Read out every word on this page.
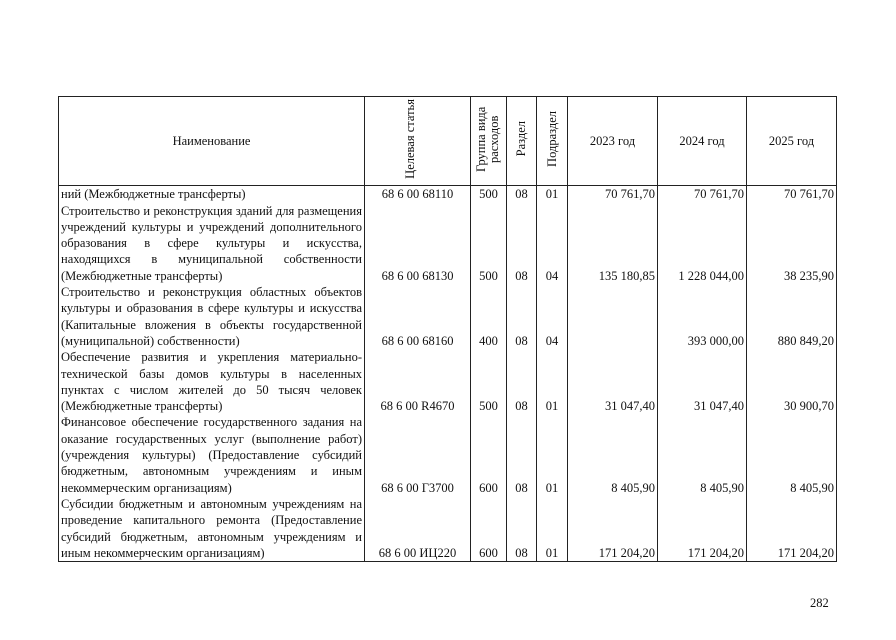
Наименование	Целевая статья	Группа вида расходов	Раздел	Подраздел	2023 год	2024 год	2025 год
ний (Межбюджетные трансферты)	68 6 00 68110	500	08	01	70 761,70	70 761,70	70 761,70
Строительство и реконструкция зданий для размещения учреждений культуры и учреждений дополнительного образования в сфере культуры и искусства, находящихся в муниципальной собственности (Межбюджетные трансферты)	68 6 00 68130	500	08	04	135 180,85	1 228 044,00	38 235,90
Строительство и реконструкция областных объектов культуры и образования в сфере культуры и искусства (Капитальные вложения в объекты государственной (муниципальной) собственности)	68 6 00 68160	400	08	04		393 000,00	880 849,20
Обеспечение развития и укрепления материально-технической базы домов культуры в населенных пунктах с числом жителей до 50 тысяч человек (Межбюджетные трансферты)	68 6 00 R4670	500	08	01	31 047,40	31 047,40	30 900,70
Финансовое обеспечение государственного задания на оказание государственных услуг (выполнение работ) (учреждения культуры) (Предоставление субсидий бюджетным, автономным учреждениям и иным некоммерческим организациям)	68 6 00 Г3700	600	08	01	8 405,90	8 405,90	8 405,90
Субсидии бюджетным и автономным учреждениям на проведение капитального ремонта (Предоставление субсидий бюджетным, автономным учреждениям и иным некоммерческим организациям)	68 6 00 ИЦ220	600	08	01	171 204,20	171 204,20	171 204,20
282
